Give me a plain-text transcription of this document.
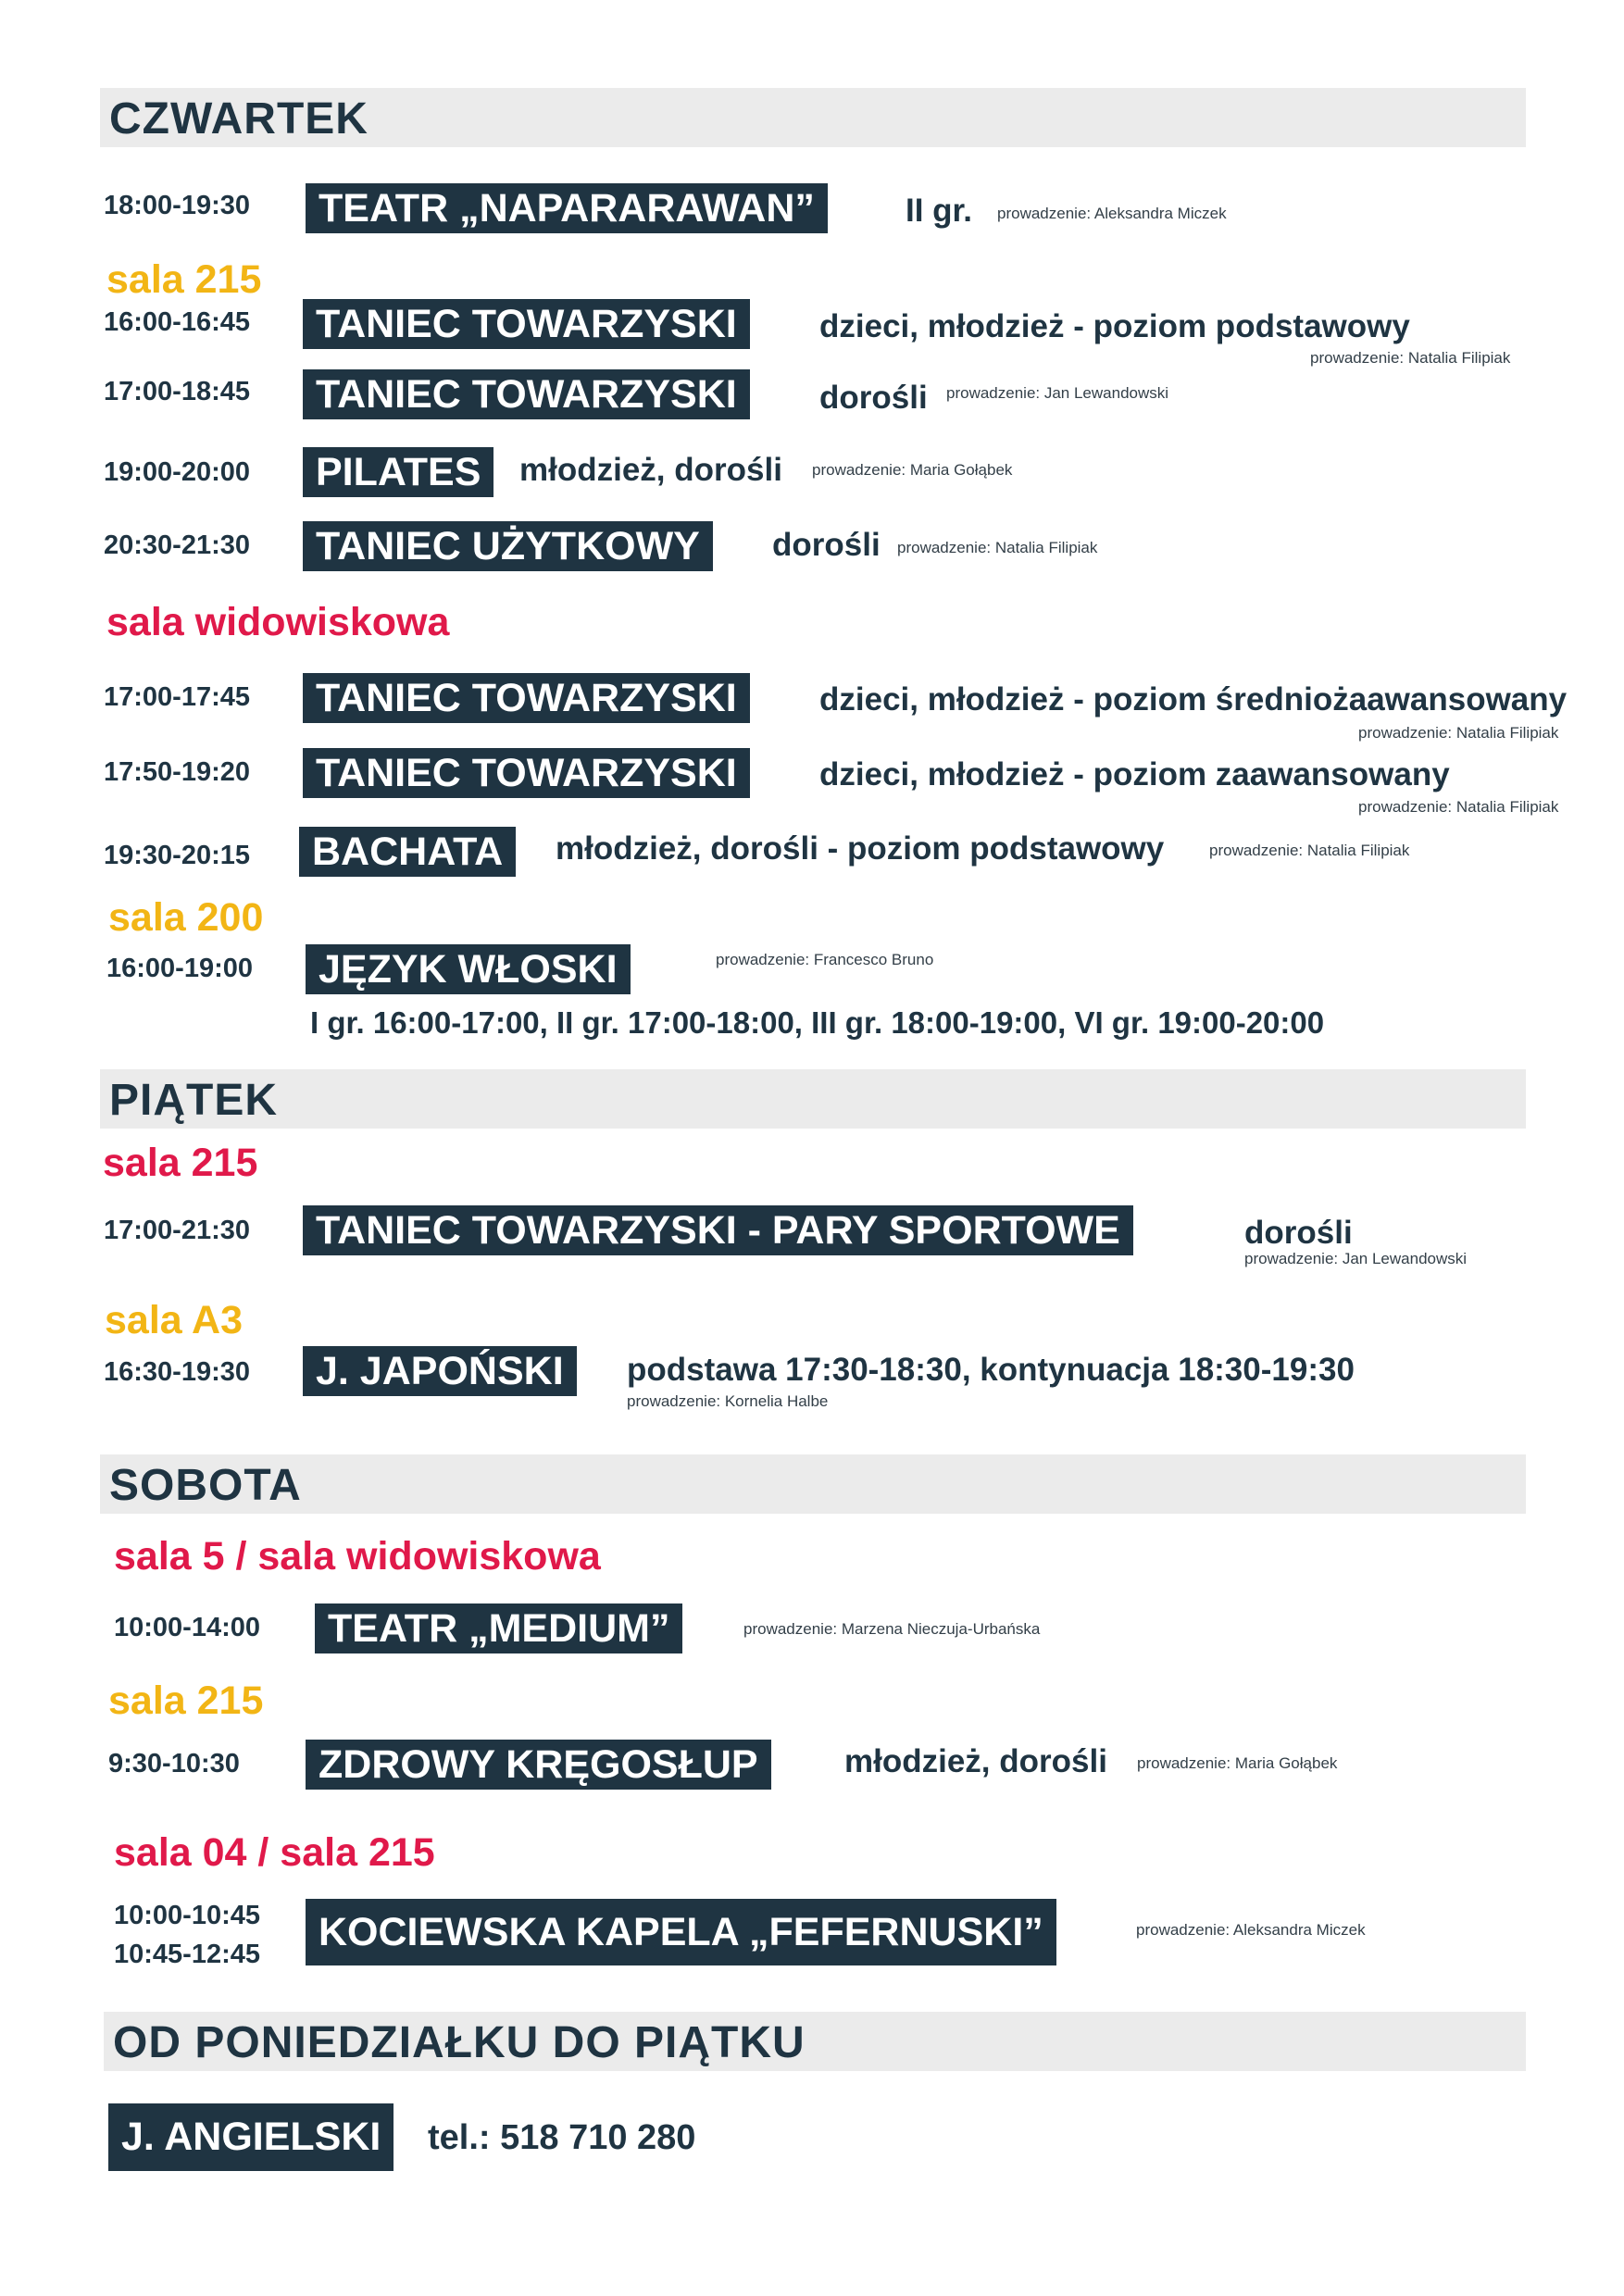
CZWARTEK
18:00-19:30	TEATR „NAPARARAWAN”	II gr. prowadzenie: Aleksandra Miczek
sala 215
16:00-16:45	TANIEC TOWARZYSKI	dzieci, młodzież - poziom podstawowy
prowadzenie: Natalia Filipiak
17:00-18:45	TANIEC TOWARZYSKI	dorośli prowadzenie: Jan Lewandowski
19:00-20:00	PILATES	młodzież, dorośli prowadzenie: Maria Gołąbek
20:30-21:30	TANIEC UŻYTKOWY	dorośli prowadzenie: Natalia Filipiak
sala widowiskowa
17:00-17:45	TANIEC TOWARZYSKI	dzieci, młodzież - poziom średniożaawansowany
prowadzenie: Natalia Filipiak
17:50-19:20	TANIEC TOWARZYSKI	dzieci, młodzież - poziom zaawansowany
prowadzenie: Natalia Filipiak
19:30-20:15	BACHATA	młodzież, dorośli - poziom podstawowy	prowadzenie: Natalia Filipiak
sala 200
16:00-19:00	JĘZYK WŁOSKI	prowadzenie: Francesco Bruno
I gr. 16:00-17:00, II gr. 17:00-18:00, III gr. 18:00-19:00, VI gr. 19:00-20:00
PIĄTEK
sala 215
17:00-21:30	TANIEC TOWARZYSKI - PARY SPORTOWE	dorośli
prowadzenie: Jan Lewandowski
sala A3
16:30-19:30	J. JAPOŃSKI	podstawa 17:30-18:30, kontynuacja 18:30-19:30
prowadzenie: Kornelia Halbe
SOBOTA
sala 5 / sala widowiskowa
10:00-14:00	TEATR „MEDIUM”	prowadzenie: Marzena Nieczuja-Urbańska
sala 215
9:30-10:30	ZDROWY KRĘGOSŁUP	młodzież, dorośli prowadzenie: Maria Gołąbek
sala 04 / sala 215
10:00-10:45
10:45-12:45	KOCIEWSKA KAPELA „FEFERNUSKI”	prowadzenie: Aleksandra Miczek
OD PONIEDZIAŁKU DO PIĄTKU
J. ANGIELSKI	tel.: 518 710 280
